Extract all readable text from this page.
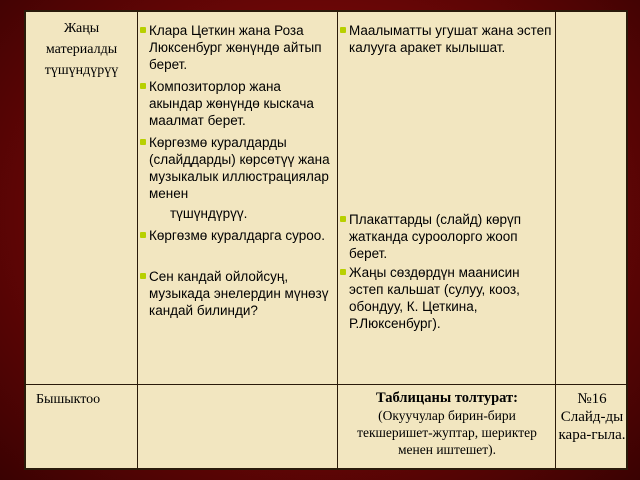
Жаңы материалды түшүндүрүү

Клара Цеткин жана Роза Люксенбург жөнүндө айтып берет.

Композиторлор жана акындар жөнүндө кыскача маалмат берет.

Көргөзмө куралдарды (слайддарды) көрсөтүү жана музыкалык иллюстрациялар менен

түшүндүрүү.

Көргөзмө куралдарга суроо.

Сен кандай ойлойсуң, музыкада энелердин мүнөзү кандай билинди?

Маалыматты угушат жана эстеп калууга аракет кылышат.

Плакаттарды (слайд) көрүп жатканда суроолорго жооп берет.

Жаңы сөздөрдүн маанисин эстеп кальшат (сулуу, кооз, обондуу, К. Цеткина, Р.Люксенбург).

Бышыктоо	Таблицаны толтурат:
(Окуучулар бирин-бири текшеришет-жуптар, шериктер менен иштешет).
№16 Слайд-ды кара-гыла.
